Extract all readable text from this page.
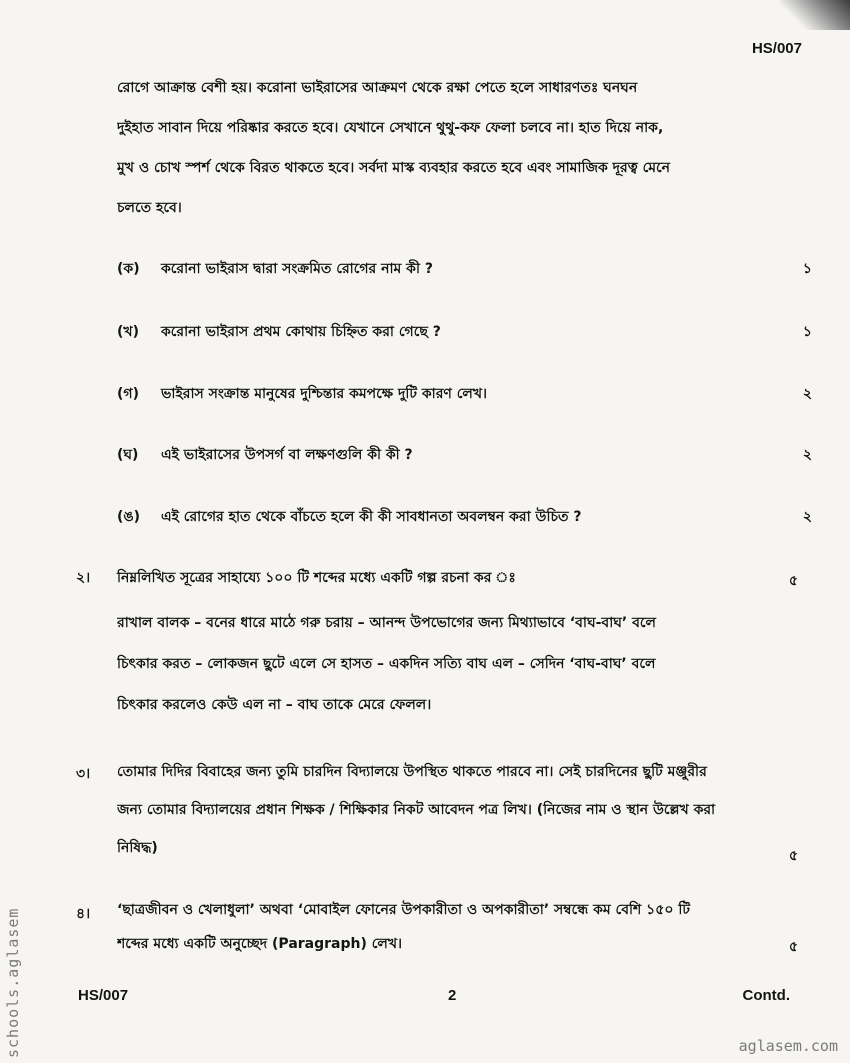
HS/007
রোগে আক্রান্ত বেশী হয়। করোনা ভাইরাসের আক্রমণ থেকে রক্ষা পেতে হলে সাধারণতঃ ঘনঘন
দুইহাত সাবান দিয়ে পরিষ্কার করতে হবে। যেখানে সেখানে থুথু-কফ ফেলা চলবে না। হাত দিয়ে নাক,
মুখ ও চোখ স্পর্শ থেকে বিরত থাকতে হবে। সর্বদা মাস্ক ব্যবহার করতে হবে এবং সামাজিক দূরত্ব মেনে
চলতে হবে।
(ক) করোনা ভাইরাস দ্বারা সংক্রমিত রোগের নাম কী ?	১
(খ) করোনা ভাইরাস প্রথম কোথায় চিহ্নিত করা গেছে ?	১
(গ) ভাইরাস সংক্রান্ত মানুষের দুশ্চিন্তার কমপক্ষে দুটি কারণ লেখ।	২
(ঘ) এই ভাইরাসের উপসর্গ বা লক্ষণগুলি কী কী ?	২
(ঙ) এই রোগের হাত থেকে বাঁচতে হলে কী কী সাবধানতা অবলম্বন করা উচিত ?	২
২। নিম্নলিখিত সূত্রের সাহায্যে ১০০ টি শব্দের মধ্যে একটি গল্প রচনা কর ঃ	৫
রাখাল বালক – বনের ধারে মাঠে গরু চরায় – আনন্দ উপভোগের জন্য মিথ্যাভাবে ‘বাঘ-বাঘ’ বলে
চিৎকার করত – লোকজন ছুটে এলে সে হাসত – একদিন সত্যি বাঘ এল – সেদিন ‘বাঘ-বাঘ’ বলে
চিৎকার করলেও কেউ এল না – বাঘ তাকে মেরে ফেলল।
৩। তোমার দিদির বিবাহের জন্য তুমি চারদিন বিদ্যালয়ে উপস্থিত থাকতে পারবে না। সেই চারদিনের ছুটি মঞ্জুরীর
জন্য তোমার বিদ্যালয়ের প্রধান শিক্ষক / শিক্ষিকার নিকট আবেদন পত্র লিখ। (নিজের নাম ও স্থান উল্লেখ করা
নিষিদ্ধ)	৫
৪। ‘ছাত্রজীবন ও খেলাধুলা’ অথবা ‘মোবাইল ফোনের উপকারীতা ও অপকারীতা’ সম্বন্ধে কম বেশি ১৫০ টি
শব্দের মধ্যে একটি অনুচ্ছেদ (Paragraph) লেখ।	৫
HS/007	2	Contd.
schools.aglasem	aglasem.com
